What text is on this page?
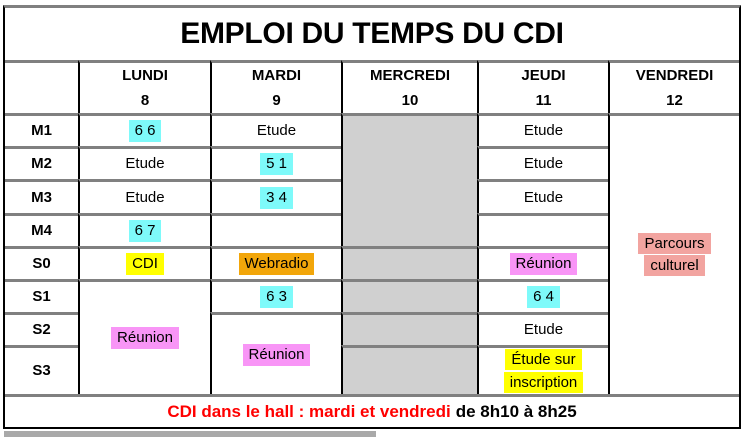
EMPLOI DU TEMPS DU CDI
LUNDI
8
MARDI
9
MERCREDI
10
JEUDI
11
VENDREDI
12
M1
M2
M3
M4
S0
S1
S2
S3
6 6
Etude
Etude
6 7
CDI
Réunion
Etude
5 1
3 4
Webradio
6 3
Réunion
Etude
Etude
Etude
Réunion
6 4
Etude
Étude sur inscription
Parcours culturel
CDI dans le hall : mardi et vendredi de 8h10 à 8h25
